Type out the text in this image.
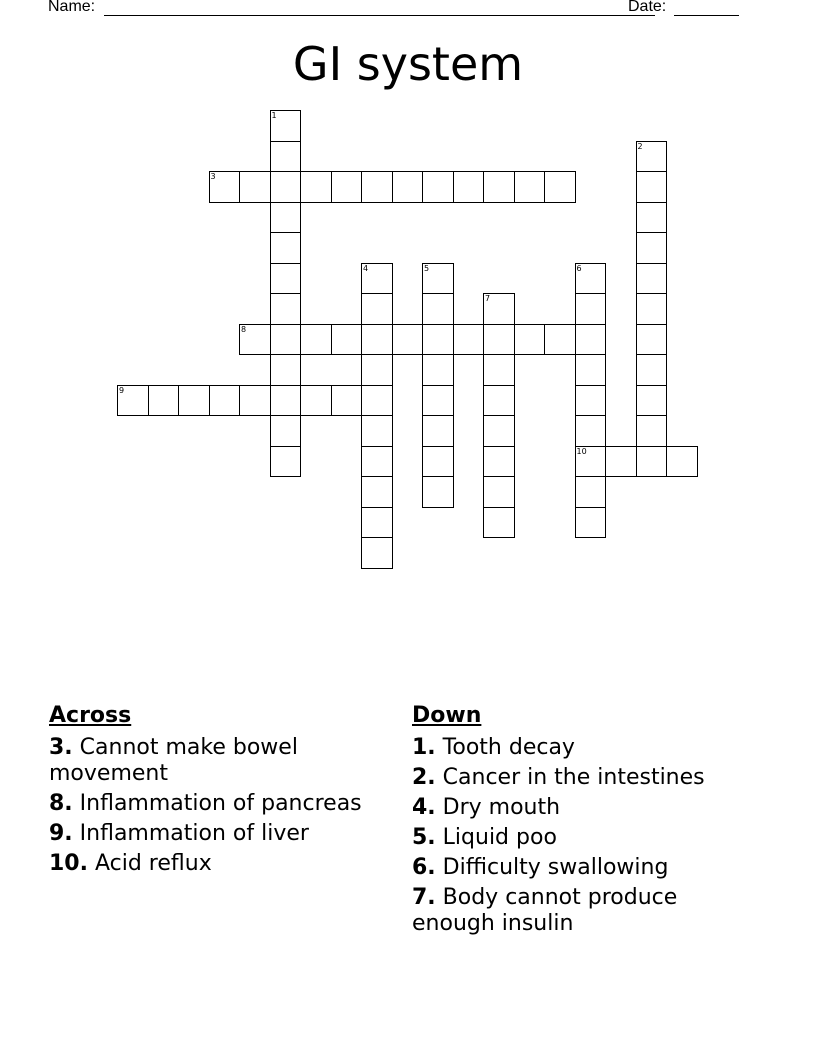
Name:	Date:
GI system
3
8
9
10
1
2
4	5	6
7
Across
3. Cannot make bowel movement
8. Inflammation of pancreas
9. Inflammation of liver
10. Acid reflux
Down
1. Tooth decay
2. Cancer in the intestines
4. Dry mouth
5. Liquid poo
6. Difficulty swallowing
7. Body cannot produce enough insulin
